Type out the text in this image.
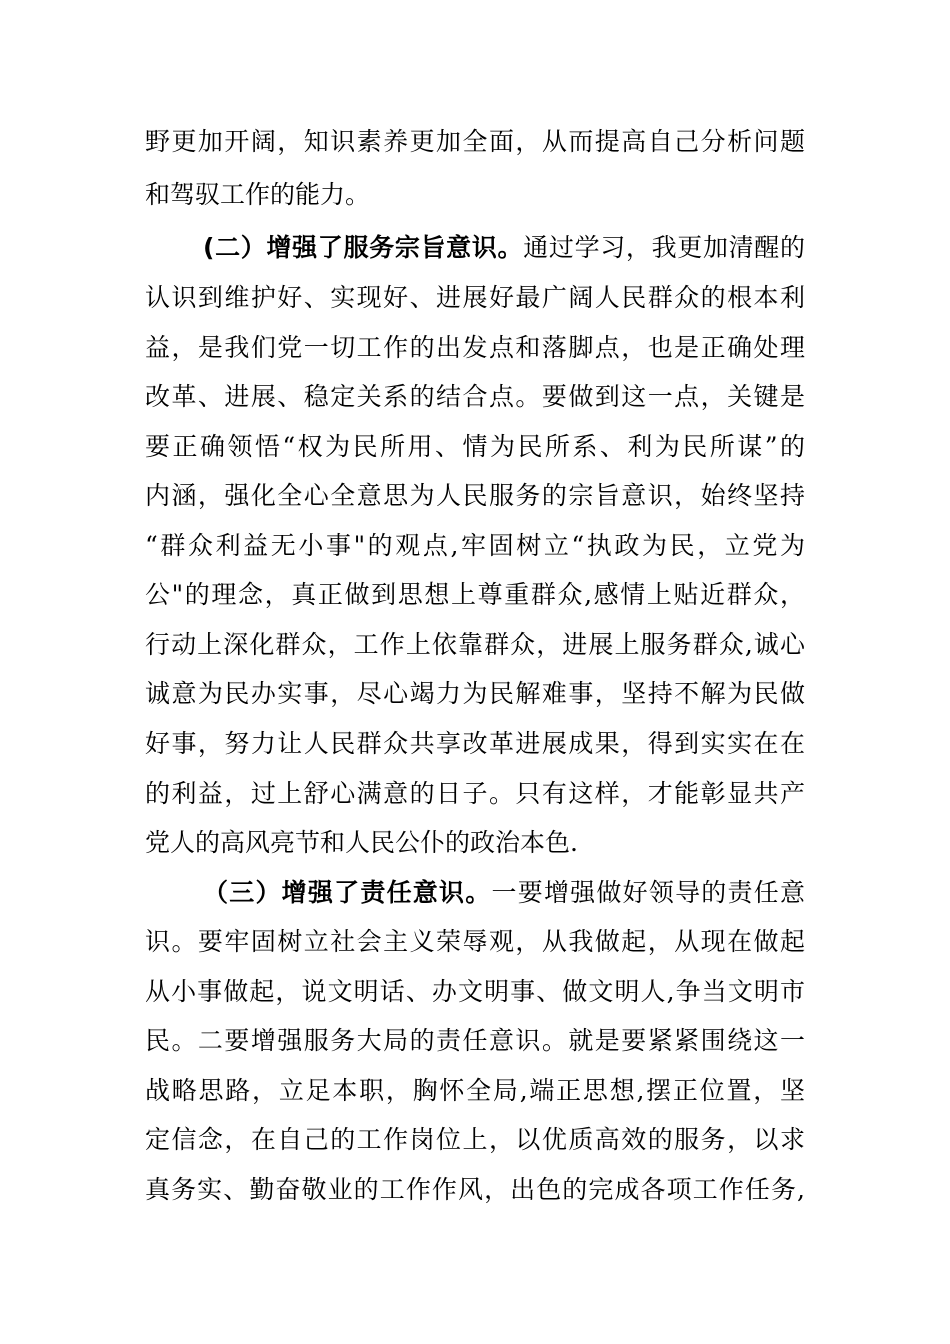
野更加开阔，知识素养更加全面，从而提高自己分析问题
和驾驭工作的能力。
(二）增强了服务宗旨意识。通过学习，我更加清醒的
认识到维护好、实现好、进展好最广阔人民群众的根本利
益，是我们党一切工作的出发点和落脚点，也是正确处理
改革、进展、稳定关系的结合点。要做到这一点，关键是
要正确领悟“权为民所用、情为民所系、利为民所谋”的
内涵，强化全心全意思为人民服务的宗旨意识，始终坚持
“群众利益无小事"的观点,牢固树立“执政为民，立党为
公"的理念，真正做到思想上尊重群众,感情上贴近群众，
行动上深化群众，工作上依靠群众，进展上服务群众,诚心
诚意为民办实事，尽心竭力为民解难事，坚持不解为民做
好事，努力让人民群众共享改革进展成果，得到实实在在
的利益，过上舒心满意的日子。只有这样，才能彰显共产
党人的高风亮节和人民公仆的政治本色.
（三）增强了责任意识。一要增强做好领导的责任意
识。要牢固树立社会主义荣辱观，从我做起，从现在做起
从小事做起，说文明话、办文明事、做文明人,争当文明市
民。二要增强服务大局的责任意识。就是要紧紧围绕这一
战略思路，立足本职，胸怀全局,端正思想,摆正位置，坚
定信念，在自己的工作岗位上，以优质高效的服务，以求
真务实、勤奋敬业的工作作风，出色的完成各项工作任务,
